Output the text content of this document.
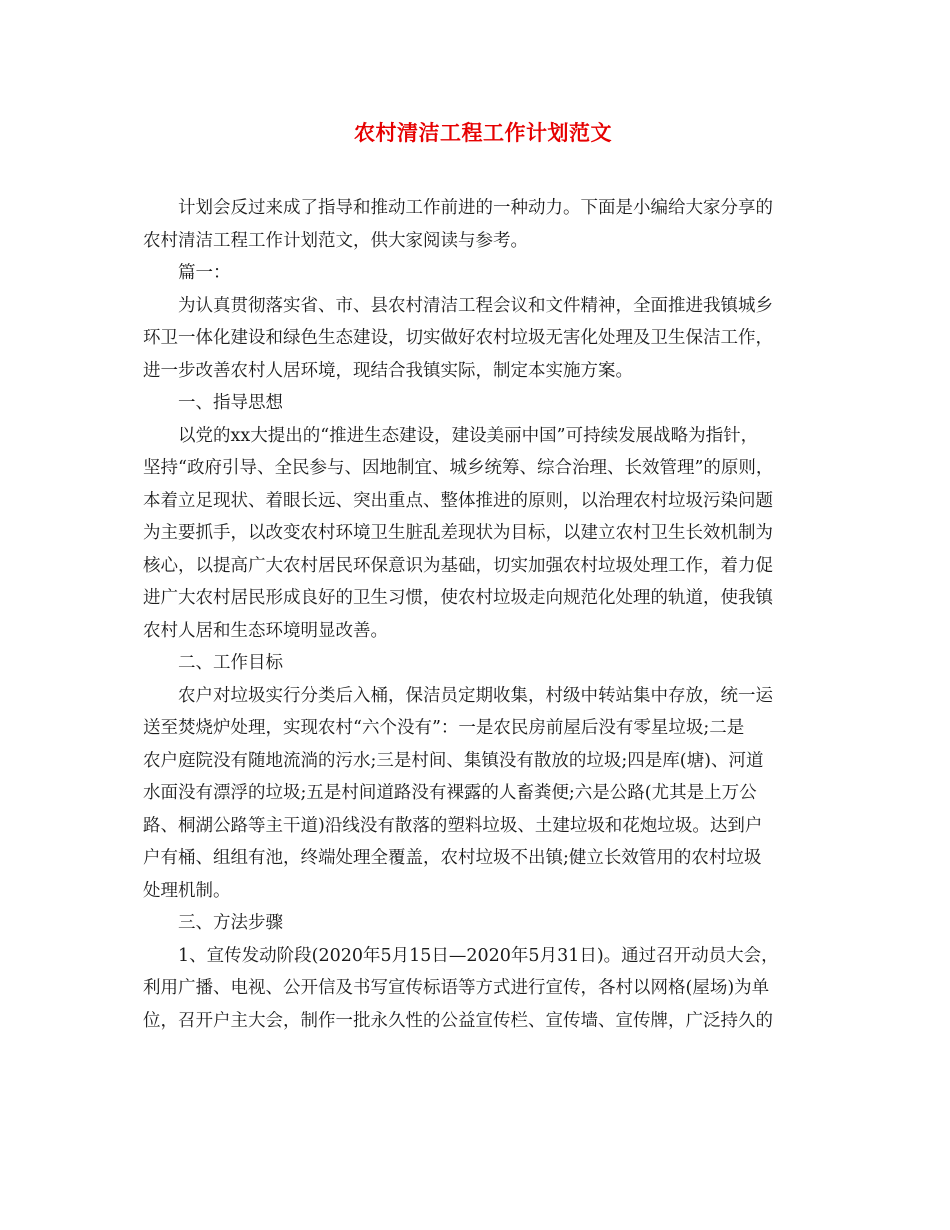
农村清洁工程工作计划范文
计划会反过来成了指导和推动工作前进的一种动力。下面是小编给大家分享的
农村清洁工程工作计划范文，供大家阅读与参考。
篇一：
为认真贯彻落实省、市、县农村清洁工程会议和文件精神，全面推进我镇城乡
环卫一体化建设和绿色生态建设，切实做好农村垃圾无害化处理及卫生保洁工作，
进一步改善农村人居环境，现结合我镇实际，制定本实施方案。
一、指导思想
以党的xx大提出的“推进生态建设，建设美丽中国”可持续发展战略为指针，
坚持“政府引导、全民参与、因地制宜、城乡统筹、综合治理、长效管理”的原则，
本着立足现状、着眼长远、突出重点、整体推进的原则，以治理农村垃圾污染问题
为主要抓手，以改变农村环境卫生脏乱差现状为目标，以建立农村卫生长效机制为
核心，以提高广大农村居民环保意识为基础，切实加强农村垃圾处理工作，着力促
进广大农村居民形成良好的卫生习惯，使农村垃圾走向规范化处理的轨道，使我镇
农村人居和生态环境明显改善。
二、工作目标
农户对垃圾实行分类后入桶，保洁员定期收集，村级中转站集中存放，统一运
送至焚烧炉处理，实现农村“六个没有”：一是农民房前屋后没有零星垃圾;二是
农户庭院没有随地流淌的污水;三是村间、集镇没有散放的垃圾;四是库(塘)、河道
水面没有漂浮的垃圾;五是村间道路没有裸露的人畜粪便;六是公路(尤其是上万公
路、桐湖公路等主干道)沿线没有散落的塑料垃圾、土建垃圾和花炮垃圾。达到户
户有桶、组组有池，终端处理全覆盖，农村垃圾不出镇;健立长效管用的农村垃圾
处理机制。
三、方法步骤
1、宣传发动阶段(2020年5月15日—2020年5月31日)。通过召开动员大会，
利用广播、电视、公开信及书写宣传标语等方式进行宣传，各村以网格(屋场)为单
位，召开户主大会，制作一批永久性的公益宣传栏、宣传墙、宣传牌，广泛持久的
